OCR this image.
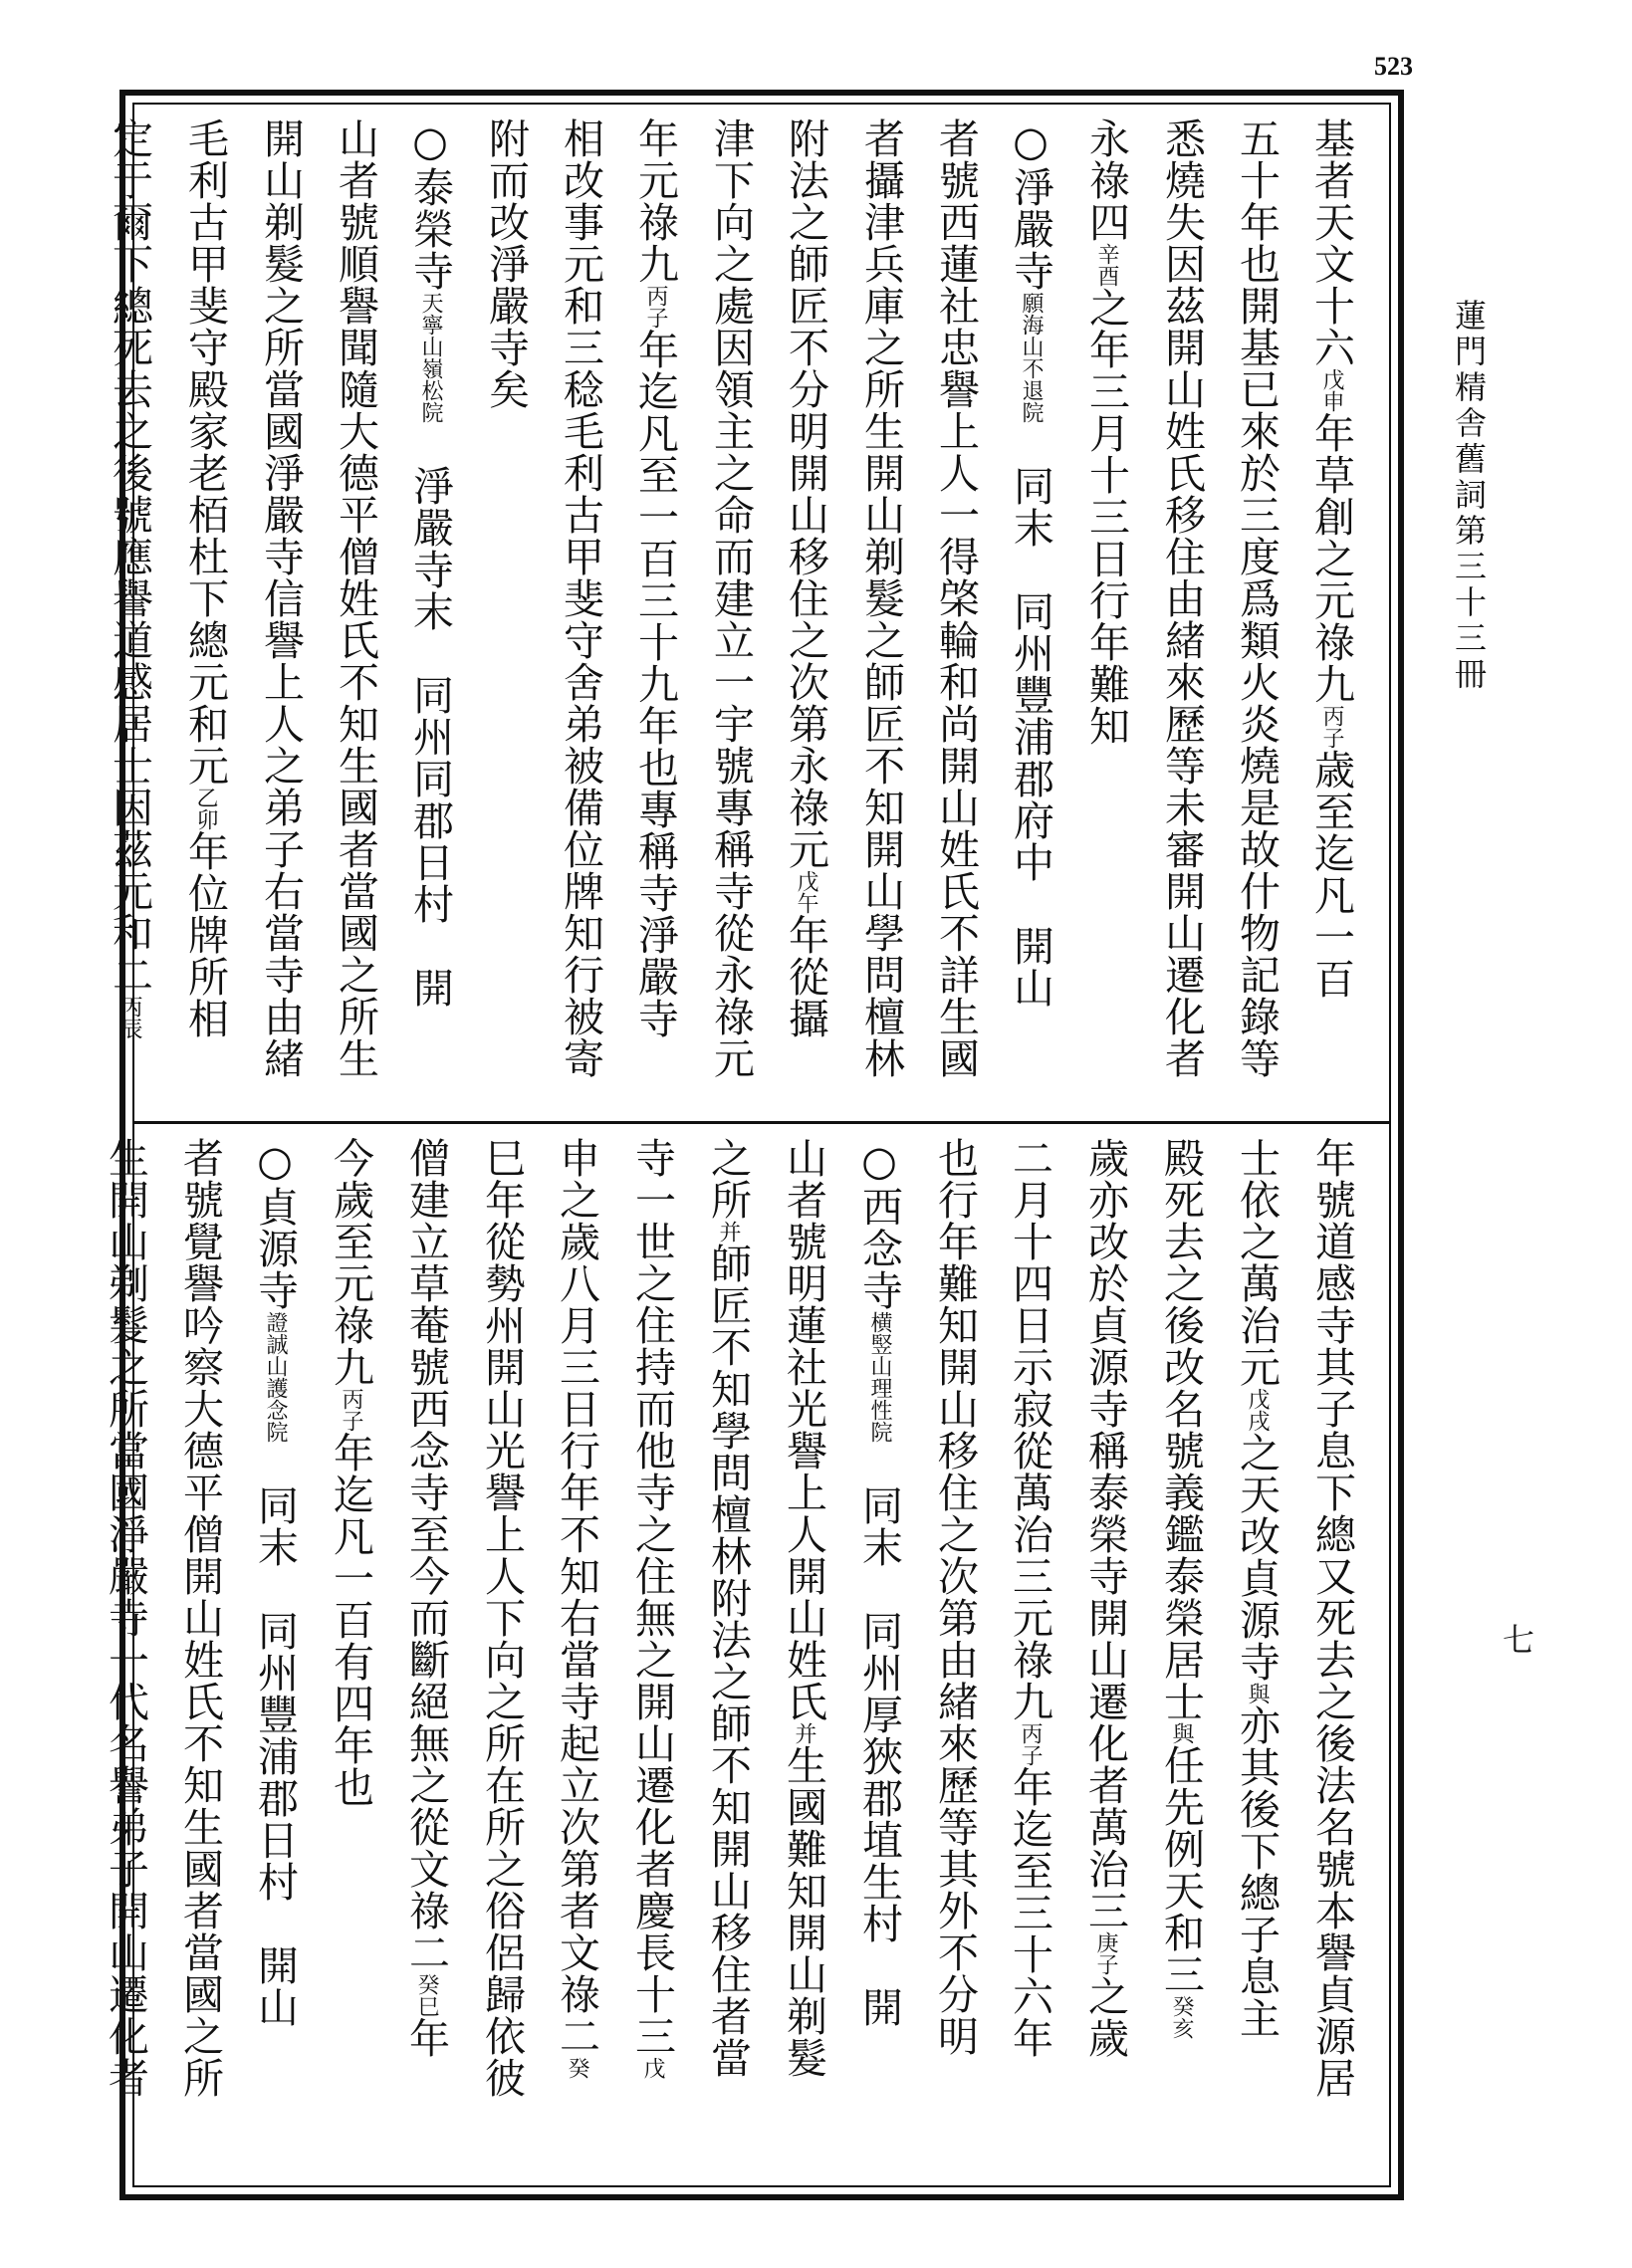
523
蓮門精舎舊詞第三十三冊
七
基者天文十六戊申年草創之元祿九丙子歳至迄凡一百
五十年也開基已來於三度爲類火炎燒是故什物記錄等
悉燒失因茲開山姓氏移住由緒來歷等未審開山遷化者
永祿四辛酉之年三月十三日行年難知
○淨嚴寺願海山不退院　同末　同州豐浦郡府中　開山
者號西蓮社忠譽上人一得棨輪和尚開山姓氏不詳生國
者攝津兵庫之所生開山剃髮之師匠不知開山學問檀林
附法之師匠不分明開山移住之次第永祿元戊午年從攝
津下向之處因領主之命而建立一宇號專稱寺從永祿元
年元祿九丙子年迄凡至一百三十九年也專稱寺淨嚴寺
相改事元和三稔毛利古甲斐守舍弟被備位牌知行被寄
附而改淨嚴寺矣
○泰榮寺天寧山嶺松院　淨嚴寺末　同州同郡日村　開
山者號順譽聞隨大德平僧姓氏不知生國者當國之所生
開山剃髮之所當國淨嚴寺信譽上人之弟子右當寺由緒
毛利古甲斐守殿家老栢杜下總元和元乙卯年位牌所相
定于爾下總死去之後號應譽道感居士因茲元和二丙辰
年號道感寺其子息下總又死去之後法名號本譽貞源居
士依之萬治元戊戌之天改貞源寺與亦其後下總子息主
殿死去之後改名號義鑑泰榮居士與任先例天和三癸亥
歲亦改於貞源寺稱泰榮寺開山遷化者萬治三庚子之歲
二月十四日示寂從萬治三元祿九丙子年迄至三十六年
也行年難知開山移住之次第由緒來歷等其外不分明
○西念寺横竪山理性院　同末　同州厚狹郡埴生村　開
山者號明蓮社光譽上人開山姓氏并生國難知開山剃髮
之所并師匠不知學問檀林附法之師不知開山移住者當
寺一世之住持而他寺之住無之開山遷化者慶長十三戊
申之歲八月三日行年不知右當寺起立次第者文祿二癸
巳年從勢州開山光譽上人下向之所在所之俗侶歸依彼
僧建立草菴號西念寺至今而斷絕無之從文祿二癸巳年
今歲至元祿九丙子年迄凡一百有四年也
○貞源寺證誠山護念院　同末　同州豐浦郡日村　開山
者號覺譽吟察大德平僧開山姓氏不知生國者當國之所
生開山剃髮之所當國淨嚴寺一代名譽弟子開山遷化者
